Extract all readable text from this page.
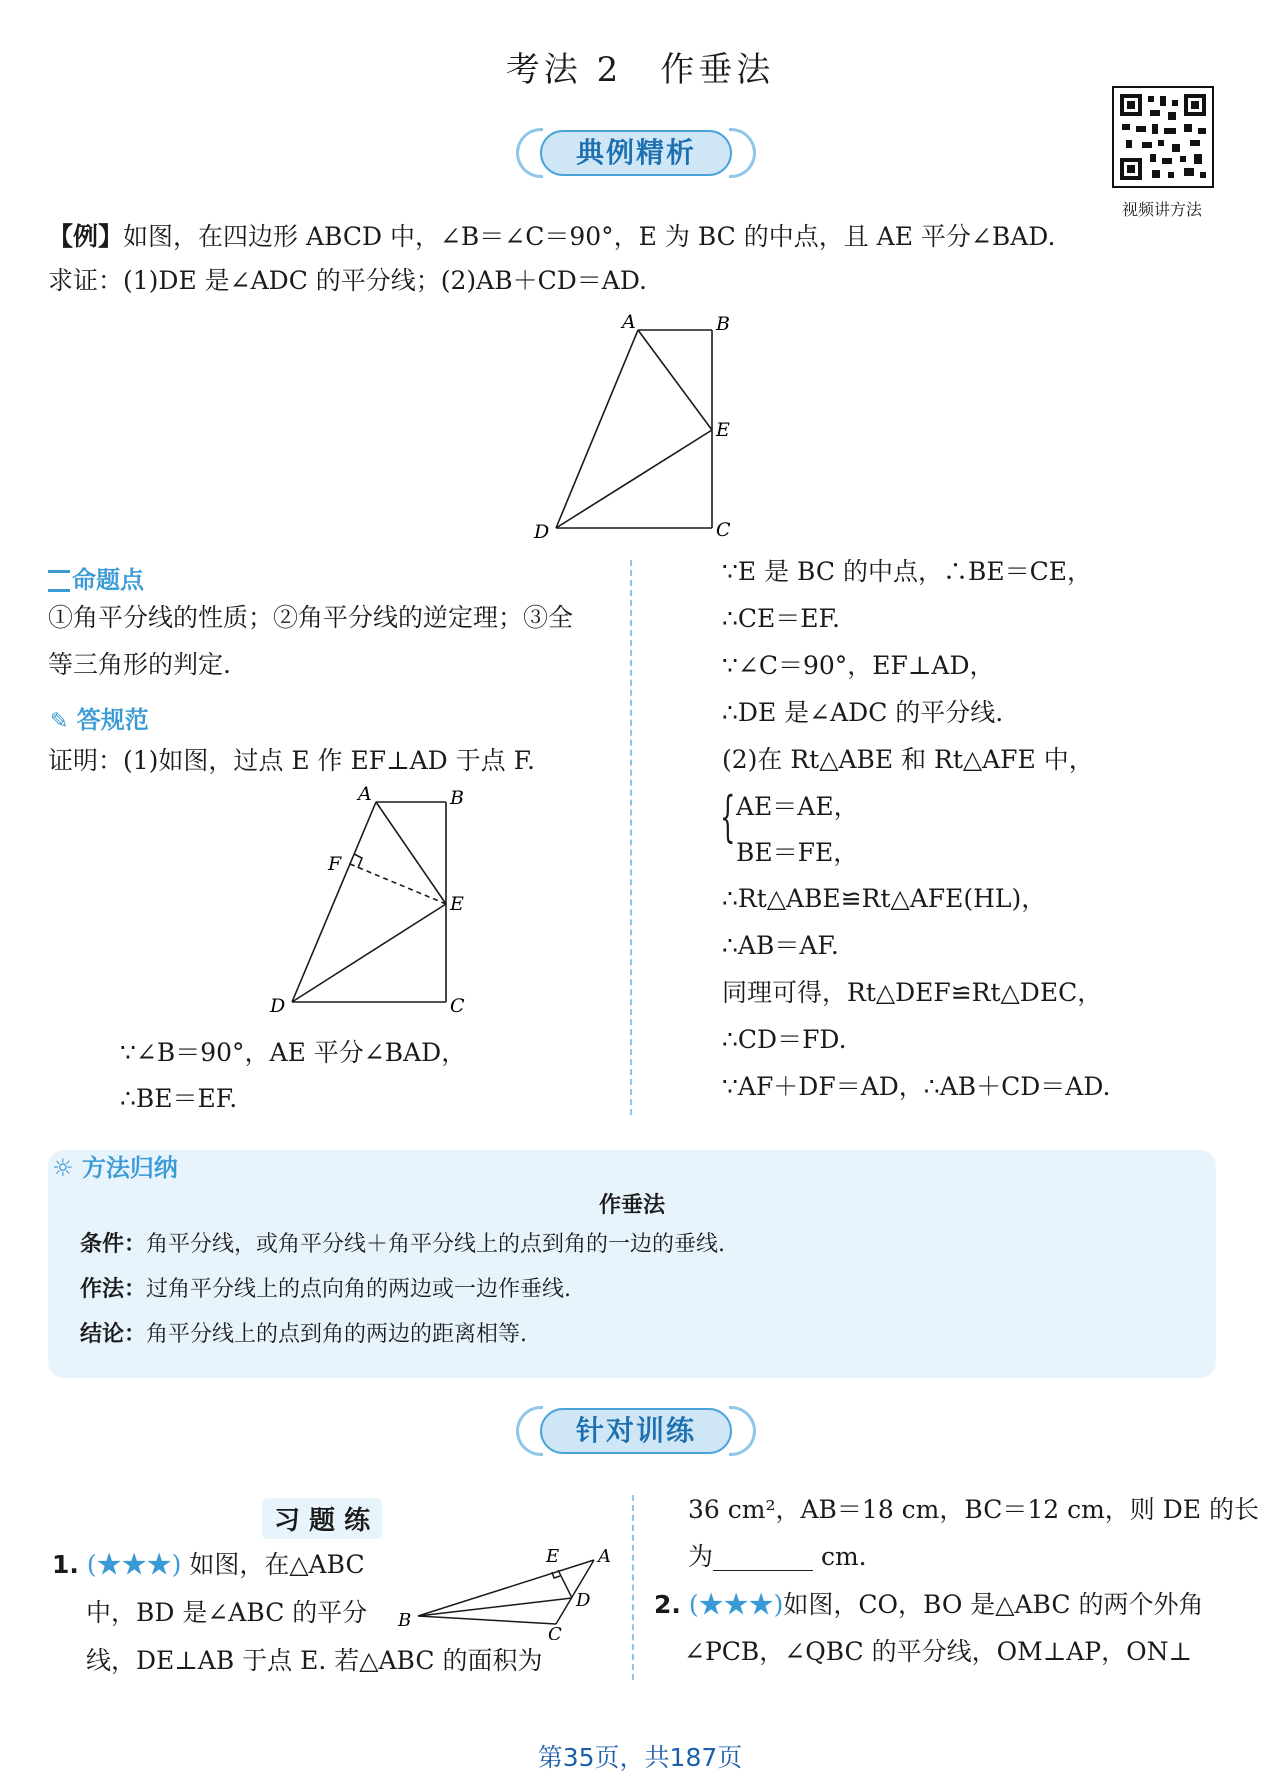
考法 2　作垂法
典例精析
视频讲方法
【例】如图，在四边形 ABCD 中，∠B＝∠C＝90°，E 为 BC 的中点，且 AE 平分∠BAD.
求证：(1)DE 是∠ADC 的平分线；(2)AB＋CD＝AD.
A	B
E
C
D
命题点
①角平分线的性质；②角平分线的逆定理；③全
等三角形的判定.
✎ 答规范
证明：(1)如图，过点 E 作 EF⊥AD 于点 F.
A	B
F
E
C
D
∵∠B＝90°，AE 平分∠BAD，
∴BE＝EF.
∵E 是 BC 的中点，∴BE＝CE，
∴CE＝EF.
∵∠C＝90°，EF⊥AD，
∴DE 是∠ADC 的平分线.
(2)在 Rt△ABE 和 Rt△AFE 中，
{ AE＝AE，
BE＝FE，
∴Rt△ABE≌Rt△AFE(HL)，
∴AB＝AF.
同理可得，Rt△DEF≌Rt△DEC，
∴CD＝FD.
∵AF＋DF＝AD，∴AB＋CD＝AD.
☼ 方法归纳
作垂法
条件：角平分线，或角平分线＋角平分线上的点到角的一边的垂线.
作法：过角平分线上的点向角的两边或一边作垂线.
结论：角平分线上的点到角的两边的距离相等.
针对训练
习 题 练
1. (★★★) 如图，在△ABC
中，BD 是∠ABC 的平分
线，DE⊥AB 于点 E. 若△ABC 的面积为
E A
D
B
C
36 cm²，AB＝18 cm，BC＝12 cm，则 DE 的长
为________ cm.
2. (★★★)如图，CO，BO 是△ABC 的两个外角
∠PCB，∠QBC 的平分线，OM⊥AP，ON⊥
第35页，共187页
